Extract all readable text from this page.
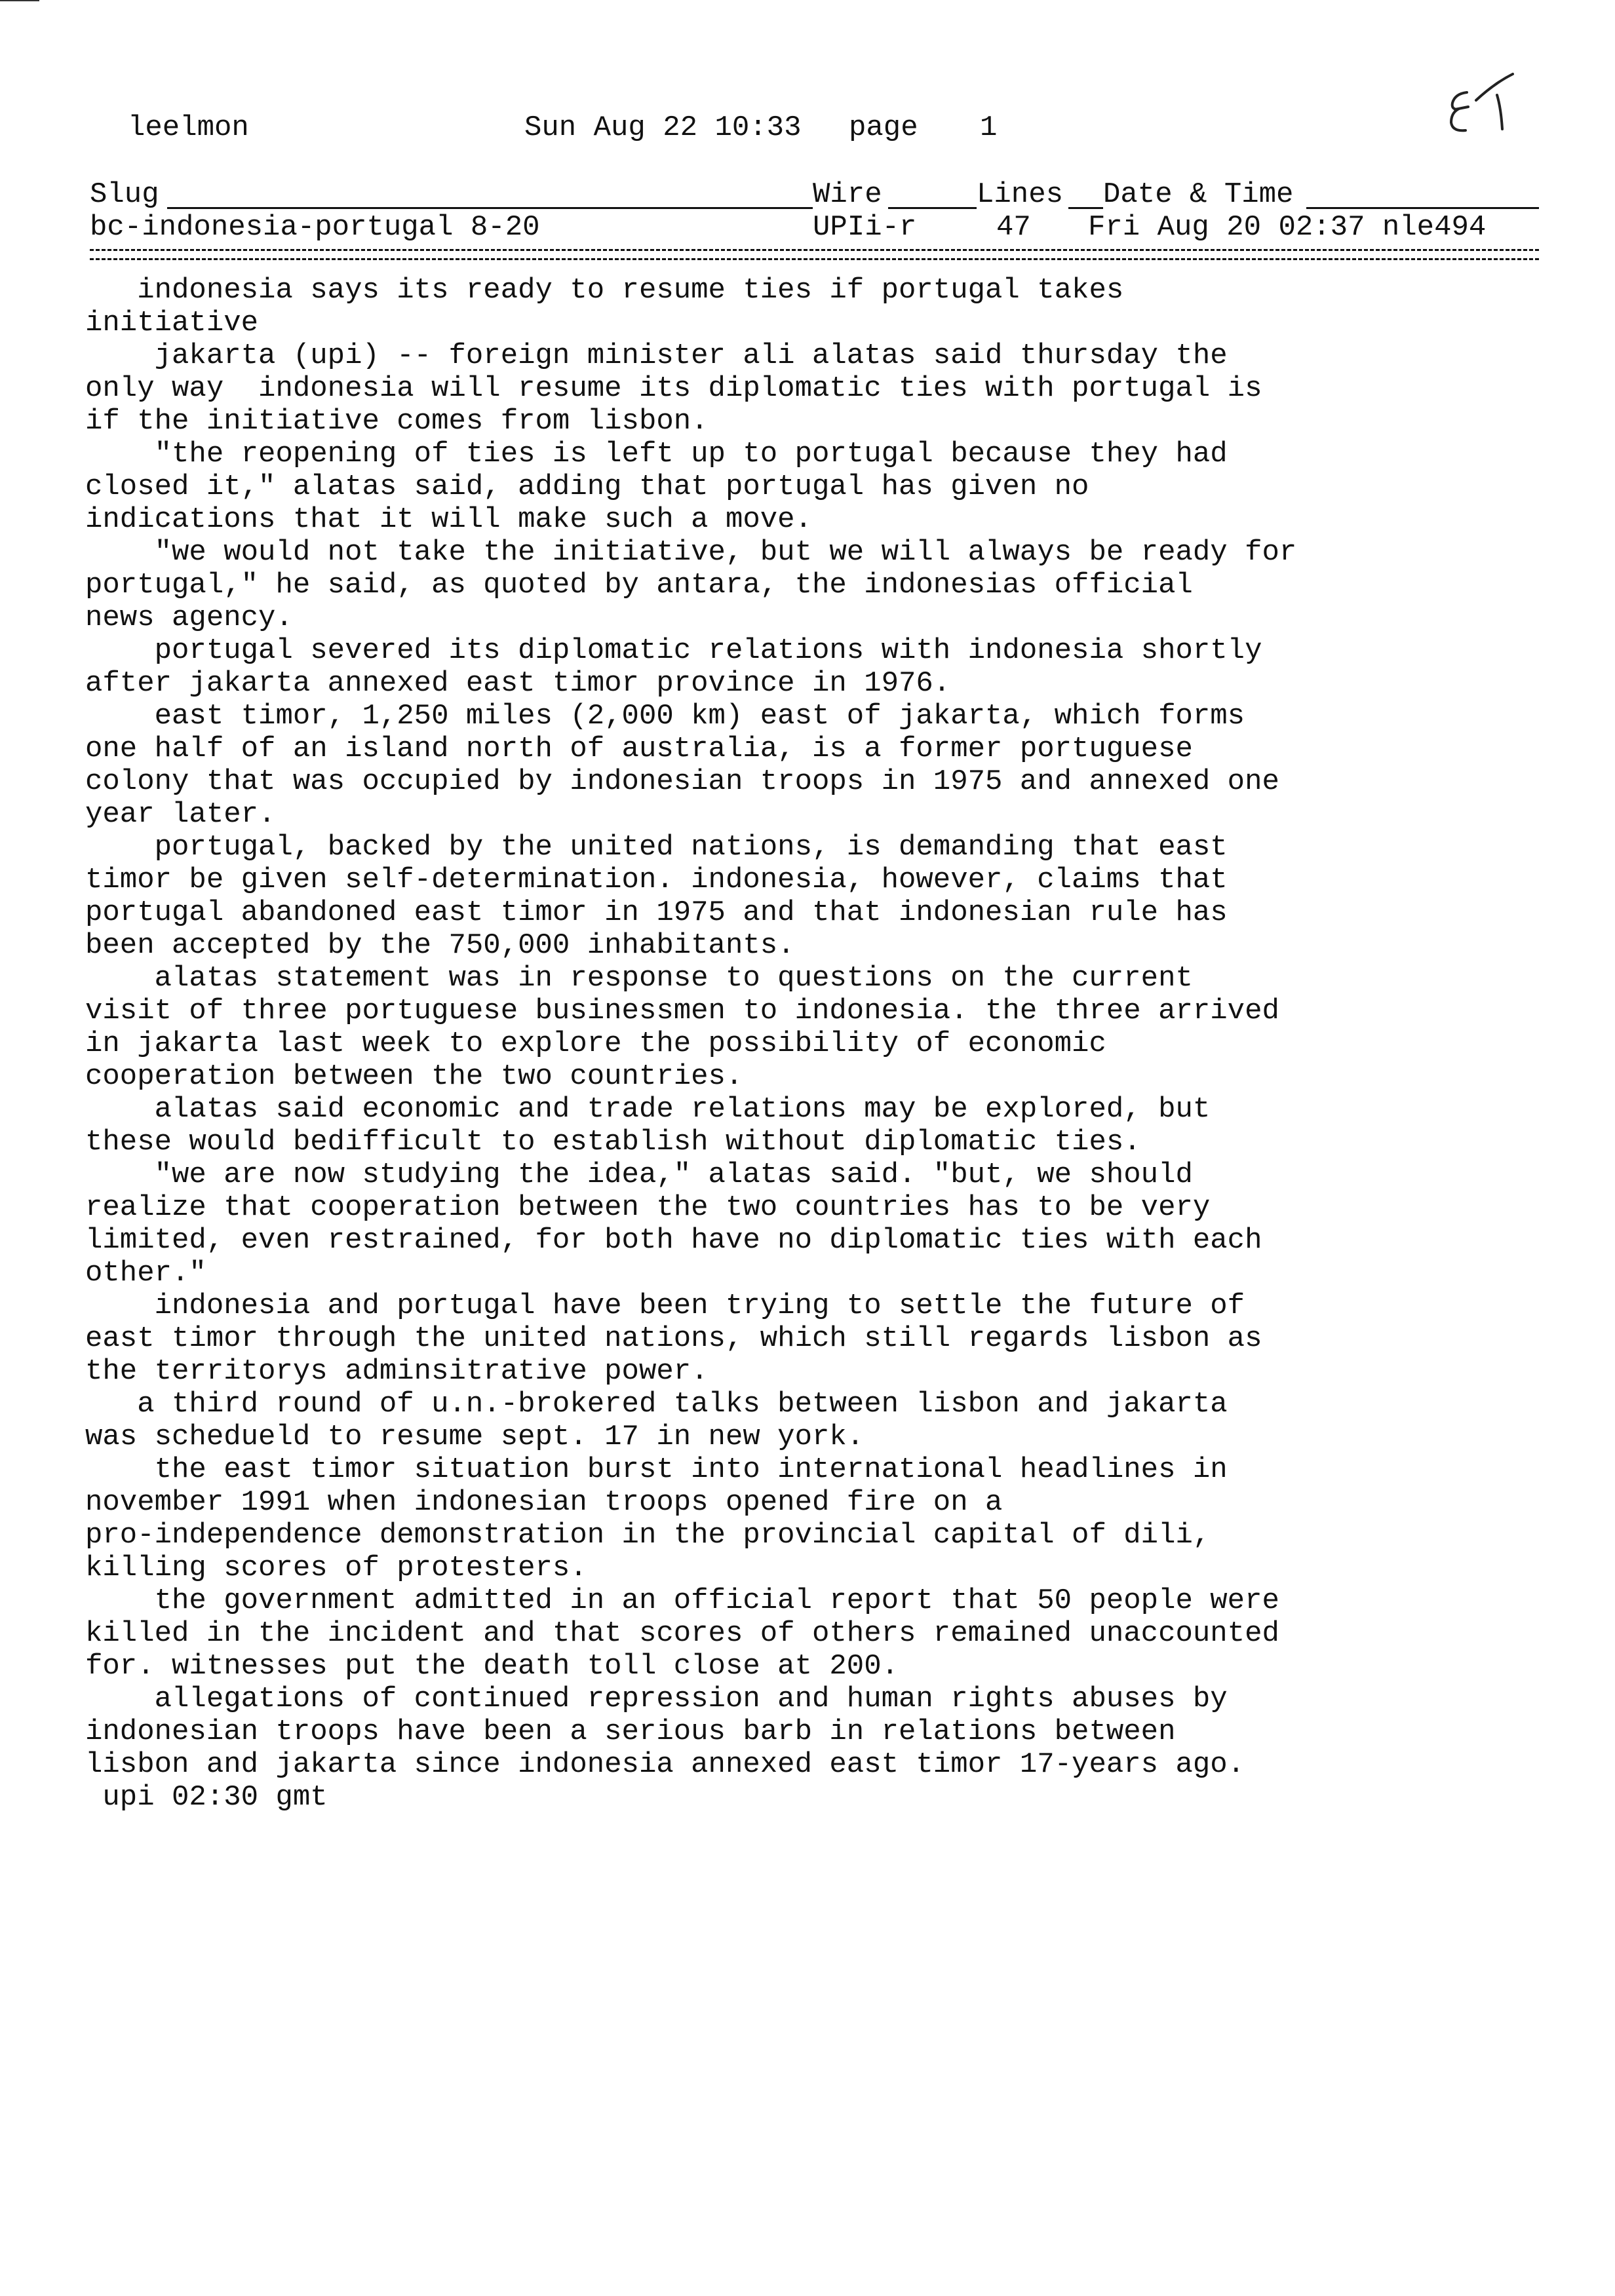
leelmon	Sun Aug 22 10:33 page 1
Slug	Wire	Lines Date & Time
bc-indonesia-portugal 8-20	UPIi-r	47 Fri Aug 20 02:37 nle494
indonesia says its ready to resume ties if portugal takes
initiative
jakarta (upi) -- foreign minister ali alatas said thursday the
only way  indonesia will resume its diplomatic ties with portugal is
if the initiative comes from lisbon.
"the reopening of ties is left up to portugal because they had
closed it," alatas said, adding that portugal has given no
indications that it will make such a move.
"we would not take the initiative, but we will always be ready for
portugal," he said, as quoted by antara, the indonesias official
news agency.
portugal severed its diplomatic relations with indonesia shortly
after jakarta annexed east timor province in 1976.
east timor, 1,250 miles (2,000 km) east of jakarta, which forms
one half of an island north of australia, is a former portuguese
colony that was occupied by indonesian troops in 1975 and annexed one
year later.
portugal, backed by the united nations, is demanding that east
timor be given self-determination. indonesia, however, claims that
portugal abandoned east timor in 1975 and that indonesian rule has
been accepted by the 750,000 inhabitants.
alatas statement was in response to questions on the current
visit of three portuguese businessmen to indonesia. the three arrived
in jakarta last week to explore the possibility of economic
cooperation between the two countries.
alatas said economic and trade relations may be explored, but
these would bedifficult to establish without diplomatic ties.
"we are now studying the idea," alatas said. "but, we should
realize that cooperation between the two countries has to be very
limited, even restrained, for both have no diplomatic ties with each
other."
indonesia and portugal have been trying to settle the future of
east timor through the united nations, which still regards lisbon as
the territorys adminsitrative power.
a third round of u.n.-brokered talks between lisbon and jakarta
was schedueld to resume sept. 17 in new york.
the east timor situation burst into international headlines in
november 1991 when indonesian troops opened fire on a
pro-independence demonstration in the provincial capital of dili,
killing scores of protesters.
the government admitted in an official report that 50 people were
killed in the incident and that scores of others remained unaccounted
for. witnesses put the death toll close at 200.
allegations of continued repression and human rights abuses by
indonesian troops have been a serious barb in relations between
lisbon and jakarta since indonesia annexed east timor 17-years ago.
upi 02:30 gmt
